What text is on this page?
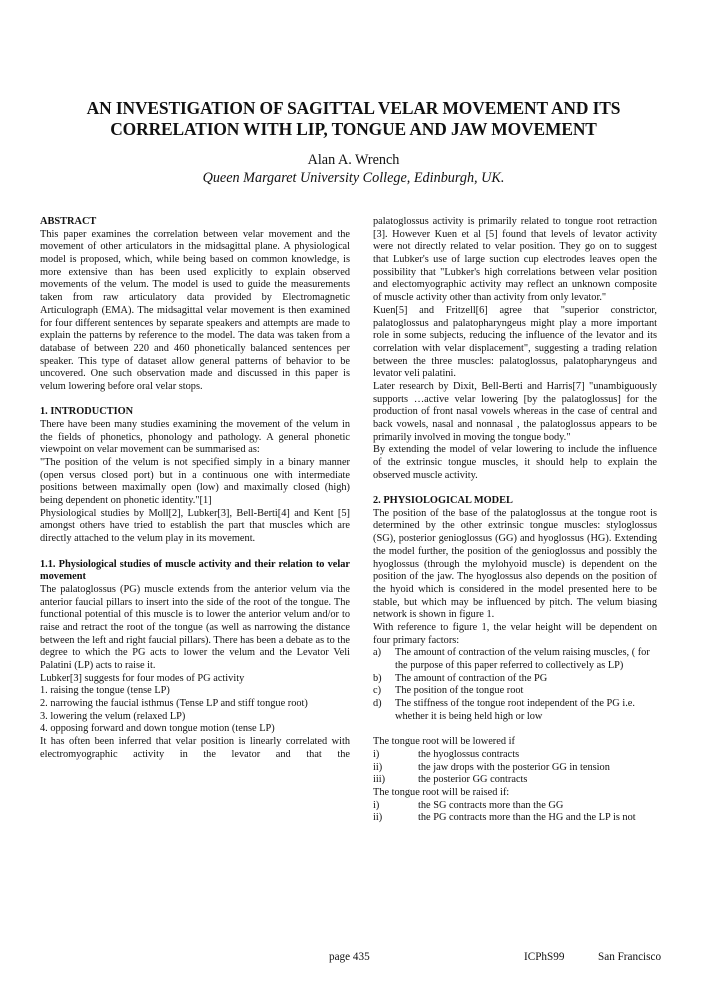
AN INVESTIGATION OF SAGITTAL VELAR MOVEMENT AND ITS
CORRELATION WITH LIP, TONGUE AND JAW MOVEMENT
Alan A. Wrench
Queen Margaret University College, Edinburgh, UK.

ABSTRACT

This paper examines the correlation between velar movement and the movement of other articulators in the midsagittal plane. A physiological model is proposed, which, while being based on common knowledge, is more extensive than has been used explicitly to explain observed movements of the velum. The model is used to guide the measurements taken from raw articulatory data provided by Electromagnetic Articulograph (EMA). The midsagittal velar movement is then examined for four different sentences by separate speakers and attempts are made to explain the patterns by reference to the model. The data was taken from a database of between 220 and 460 phonetically balanced sentences per speaker. This type of dataset allow general patterns of behavior to be uncovered. One such observation made and discussed in this paper is velum lowering before oral velar stops.

1. INTRODUCTION

There have been many studies examining the movement of the velum in the fields of phonetics, phonology and pathology. A general phonetic viewpoint on velar movement can be summarised as:

"The position of the velum is not specified simply in a binary manner (open versus closed port) but in a continuous one with intermediate positions between maximally open (low) and maximally closed (high) being dependent on phonetic identity."[1]

Physiological studies by Moll[2], Lubker[3], Bell-Berti[4] and Kent [5] amongst others have tried to establish the part that muscles which are directly attached to the velum play in its movement.

1.1. Physiological studies of muscle activity and their relation to velar movement

The palatoglossus (PG) muscle extends from the anterior velum via the anterior faucial pillars to insert into the side of the root of the tongue. The functional potential of this muscle is to lower the anterior velum and/or to raise and retract the root of the tongue (as well as narrowing the distance between the left and right faucial pillars). There has been a debate as to the degree to which the PG acts to lower the velum and the Levator Veli Palatini (LP) acts to raise it.

Lubker[3] suggests for four modes of PG activity

1. raising the tongue (tense LP)

2. narrowing the faucial isthmus (Tense LP and stiff tongue root)

3. lowering the velum (relaxed LP)

4. opposing forward and down tongue motion (tense LP)

It has often been inferred that velar position is linearly correlated with electromyographic activity in the levator and that the

palatoglossus activity is primarily related to tongue root retraction [3]. However Kuen et al [5] found that levels of levator activity were not directly related to velar position. They go on to suggest that Lubker's use of large suction cup electrodes leaves open the possibility that "Lubker's high correlations between velar position and electomyographic activity may reflect an unknown composite of muscle activity other than activity from only levator."

Kuen[5] and Fritzell[6] agree that "superior constrictor, palatoglossus and palatopharyngeus might play a more important role in some subjects, reducing the influence of the levator and its correlation with velar displacement", suggesting a trading relation between the three muscles: palatoglossus, palatopharyngeus and levator veli palatini.

Later research by Dixit, Bell-Berti and Harris[7] "unambiguously supports …active velar lowering [by the palatoglossus] for the production of front nasal vowels whereas in the case of central and back vowels, nasal and nonnasal , the palatoglossus appears to be primarily involved in moving the tongue body."

By extending the model of velar lowering to include the influence of the extrinsic tongue muscles, it should help to explain the observed muscle activity.

2. PHYSIOLOGICAL MODEL

The position of the base of the palatoglossus at the tongue root is determined by the other extrinsic tongue muscles: styloglossus (SG), posterior genioglossus (GG) and hyoglossus (HG). Extending the model further, the position of the genioglossus and possibly the hyoglossus (through the mylohyoid muscle) is dependent on the position of the jaw. The hyoglossus also depends on the position of the hyoid which is considered in the model presented here to be stable, but which may be influenced by pitch. The velum biasing network is shown in figure 1.

With reference to figure 1, the velar height will be dependent on four primary factors:

a)	The amount of contraction of the velum raising muscles, ( for the purpose of this paper referred to collectively as LP)
b)	The amount of contraction of the PG
c)	The position of the tongue root
d)	The stiffness of the tongue root independent of the PG i.e. whether it is being held high or low

The tongue root will be lowered if

i)	the hyoglossus contracts
ii)	the jaw drops with the posterior GG in tension
iii)	the posterior GG contracts

The tongue root will be raised if:

i)	the SG contracts more than the GG
ii)	the PG contracts more than the HG and the LP is not
page 435	ICPhS99	San Francisco
